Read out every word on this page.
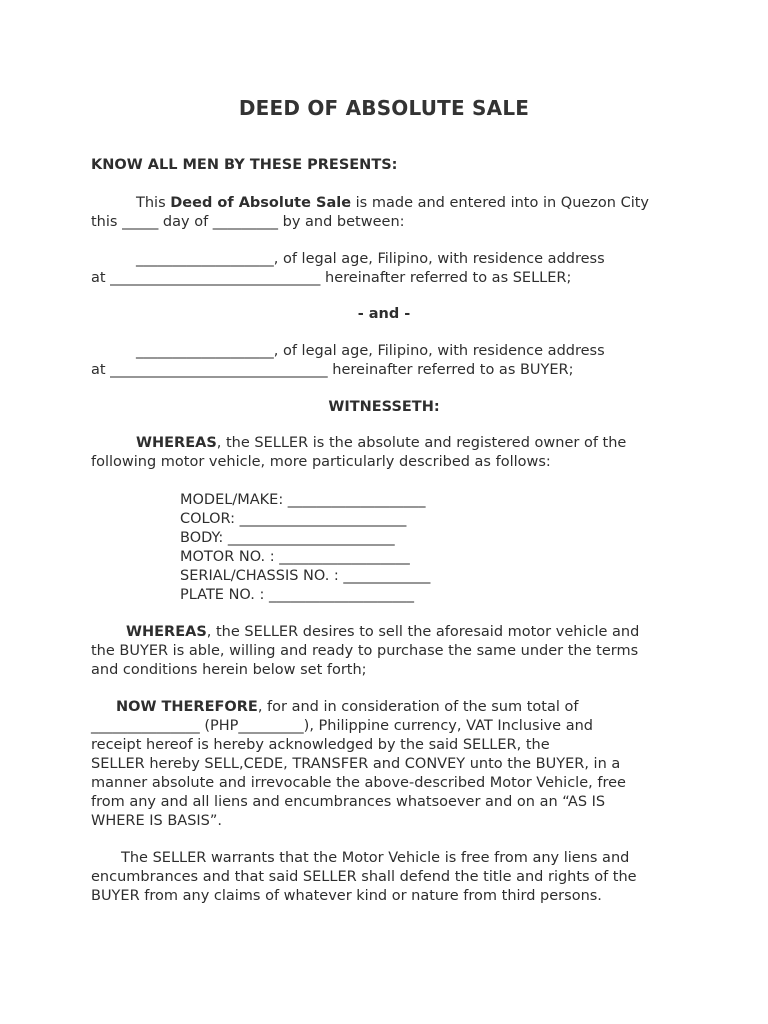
DEED OF ABSOLUTE SALE
KNOW ALL MEN BY THESE PRESENTS:
This Deed of Absolute Sale is made and entered into in Quezon City
this _____ day of _________ by and between:
___________________, of legal age, Filipino, with residence address
at _____________________________ hereinafter referred to as SELLER;
- and -
___________________, of legal age, Filipino, with residence address
at ______________________________ hereinafter referred to as BUYER;
WITNESSETH:
WHEREAS, the SELLER is the absolute and registered owner of the
following motor vehicle, more particularly described as follows:
MODEL/MAKE: ___________________
COLOR: _______________________
BODY: _______________________
MOTOR NO. : __________________
SERIAL/CHASSIS NO. : ____________
PLATE NO. : ____________________
WHEREAS, the SELLER desires to sell the aforesaid motor vehicle and
the BUYER is able, willing and ready to purchase the same under the terms
and conditions herein below set forth;
NOW THEREFORE, for and in consideration of the sum total of
_______________ (PHP_________), Philippine currency, VAT Inclusive and
receipt hereof is hereby acknowledged by the said SELLER, the
SELLER hereby SELL,CEDE, TRANSFER and CONVEY unto the BUYER, in a
manner absolute and irrevocable the above-described Motor Vehicle, free
from any and all liens and encumbrances whatsoever and on an “AS IS
WHERE IS BASIS”.
The SELLER warrants that the Motor Vehicle is free from any liens and
encumbrances and that said SELLER shall defend the title and rights of the
BUYER from any claims of whatever kind or nature from third persons.
